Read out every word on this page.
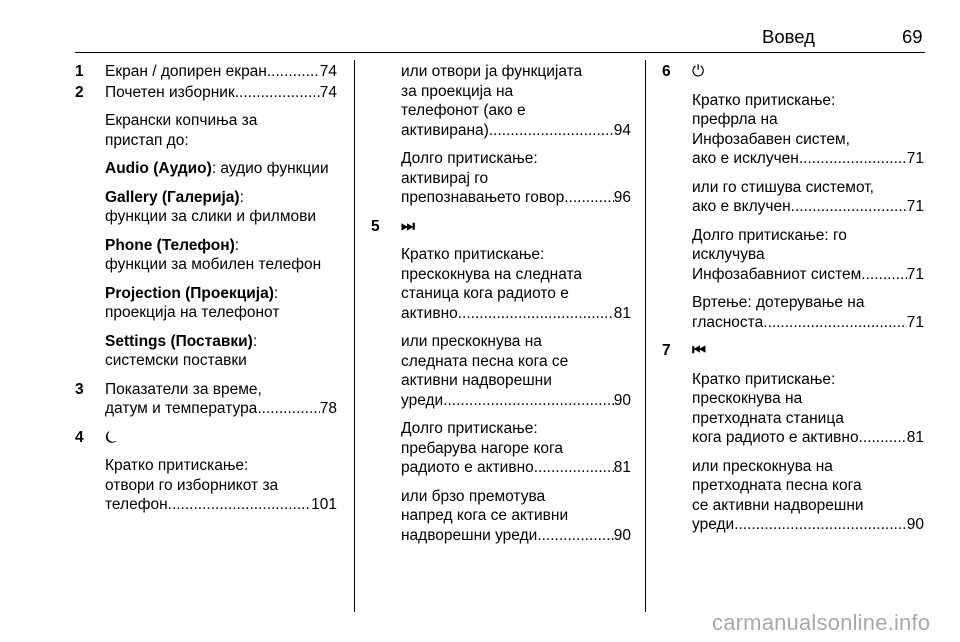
Вовед	69
1 Екран / допирен екран .....	74
2 Почетен изборник .....	74
Екрански копчиња за
пристап до:
Audio (Аудио): аудио функции
Gallery (Галерија):
функции за слики и филмови
Phone (Телефон):
функции за мобилен телефон
Projection (Проекција):
проекција на телефонот
Settings (Поставки):
системски поставки
3 Показатели за време,
датум и температура .....	78
4 ⏾
Кратко притискање:
отвори го изборникот за
телефон .....	101
или отвори ја функцијата
за проекција на
телефонот (ако е
активирана) .....	94
Долго притискање:
активирај го
препознавањето говор .....	96
5 ⏭
Кратко притискање:
прескокнува на следната
станица кога радиото е
активно .....	81
или прескокнува на
следната песна кога се
активни надворешни
уреди .....	90
Долго притискање:
пребарува нагоре кога
радиото е активно .....	81
или брзо премотува
напред кога се активни
надворешни уреди .....	90
6 ⏻
Кратко притискање:
префрла на
Инфозабавен систем,
ако е исклучен .....	71
или го стишува системот,
ако е вклучен .....	71
Долго притискање: го
исклучува
Инфозабавниот систем .....	71
Вртење: дотерување на
гласноста .....	71
7 ⏮
Кратко притискање:
прескокнува на
претходната станица
кога радиото е активно .....	81
или прескокнува на
претходната песна кога
се активни надворешни
уреди .....	90
carmanualsonline.info
